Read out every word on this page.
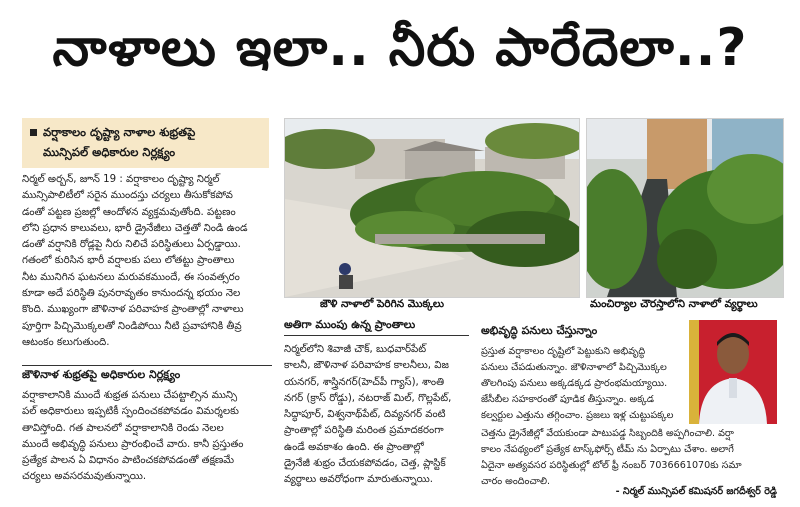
నాళాలు ఇలా.. నీరు పారేదెలా..?
వర్షాకాలం దృష్ట్యా నాళాల శుభ్రతపై
మున్సిపల్ అధికారుల నిర్లక్ష్యం

నిర్మల్ అర్బన్, జూన్ 19 : వర్షాకాలం దృష్ట్యా నిర్మల్

మున్సిపాలిటీలో సరైన ముందస్తు చర్యలు తీసుకోకపోవ

డంతో పట్టణ ప్రజల్లో ఆందోళన వ్యక్తమవుతోంది. పట్టణం

లోని ప్రధాన కాలువలు, భారీ డ్రైనేజీలు చెత్తతో నిండి ఉండ

డంతో వర్షానికి రోడ్లపై నీరు నిలిచే పరిస్థితులు ఏర్పడ్డాయి.

గతంలో కురిసిన భారీ వర్షాలకు పలు లోతట్టు ప్రాంతాలు

నీట మునిగిన ఘటనలు మరువకముందే, ఈ సంవత్సరం

కూడా అదే పరిస్థితి పునరావృతం కానుందన్న భయం నెల

కొంది. ముఖ్యంగా జౌళినాళ పరివాహక ప్రాంతాల్లో నాళాలు

పూర్తిగా పిచ్చిమొక్కలతో నిండిపోయి నీటి ప్రవాహానికి తీవ్ర

ఆటంకం కలుగుతుంది.

జౌళినాళ శుభ్రతపై అధికారుల నిర్లక్ష్యం

వర్షాకాలానికి ముందే శుభ్రత పనులు చేపట్టాల్సిన మున్సి

పల్ అధికారులు ఇప్పటికీ స్పందించకపోవడం విమర్శలకు

తావిస్తోంది. గత పాలనలో వర్షాకాలానికి రెండు నెలల

ముందే అభివృద్ధి పనులు ప్రారంభించే వారు. కానీ ప్రస్తుతం

ప్రత్యేక పాలన ఏ విధానం పాటించకపోవడంతో తక్షణమే

చర్యలు అవసరమవుతున్నాయి.

జౌళి నాళాలో పెరిగిన మొక్కలు	మంచిర్యాల చౌరస్తాలోని నాళాలో వ్యర్థాలు
అతిగా ముంపు ఉన్న ప్రాంతాలు

నిర్మల్‌లోని శివాజీ చౌక్, బుధవార్‌పేట్

కాలనీ, జౌళినాళ పరివాహక కాలనీలు, విజ

యనగర్, శాస్త్రినగర్(హెచ్‌పీ గ్యాస్), శాంతి

నగర్ (క్రాస్ రోడ్డు), నటరాజ్ మిల్, గొల్లపేట్,

సిద్ధాపూర్, విశ్వనాథ్‌పేట్, దివ్యనగర్ వంటి

ప్రాంతాల్లో పరిస్థితి మరింత ప్రమాదకరంగా

ఉండే అవకాశం ఉంది. ఈ ప్రాంతాల్లో

డ్రైనేజీ శుభ్రం చేయకపోవడం, చెత్త, ప్లాస్టిక్

వ్యర్థాలు అవరోధంగా మారుతున్నాయి.

అభివృద్ధి పనులు చేస్తున్నాం

ప్రస్తుత వర్షాకాలం దృష్టిలో పెట్టుకుని అభివృద్ధి

పనులు చేపడుతున్నాం. జౌళినాళాలో పిచ్చిమొక్కల

తొలగింపు పనులు అక్కడక్కడ ప్రారంభమయ్యాయి.

జేసీబీల సహకారంతో పూడిక తీస్తున్నాం. అక్కడ

కల్వర్టుల ఎత్తును తగ్గించాం. ప్రజలు ఇళ్ల చుట్టుపక్కల

చెత్తను డ్రైనేజీల్లో వేయకుండా పాటుపడ్డ సిబ్బందికి అప్పగించాలి. వర్షా

కాలం నేపథ్యంలో ప్రత్యేక టాస్క్‌ఫోర్స్ టీమ్ ను ఏర్పాటు చేశాం. అలాగే

ఏదైనా అత్యవసర పరిస్థితుల్లో టోల్ ఫ్రీ నంబర్ 7036661070కు సమా

చారం అందించాలి.

- నిర్మల్ మున్సిపల్ కమిషనర్ జగదీశ్వర్ రెడ్డి
